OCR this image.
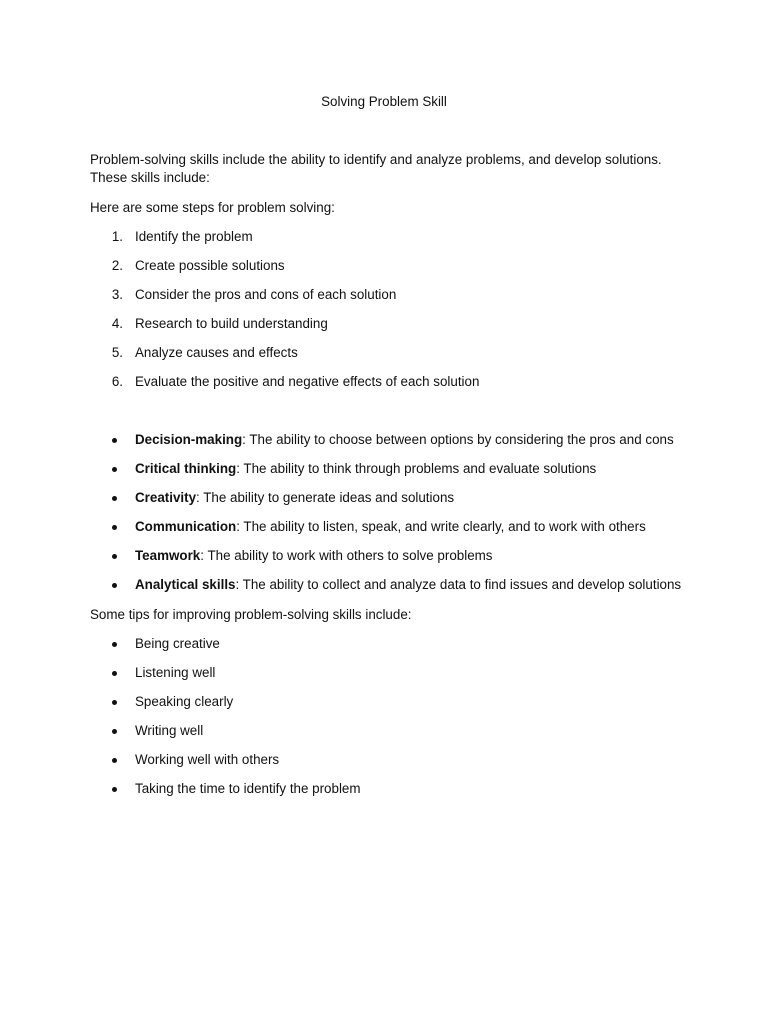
Solving Problem Skill

Problem-solving skills include the ability to identify and analyze problems, and develop solutions. These skills include:

Here are some steps for problem solving:

1. Identify the problem
2. Create possible solutions
3. Consider the pros and cons of each solution
4. Research to build understanding
5. Analyze causes and effects
6. Evaluate the positive and negative effects of each solution
Decision-making: The ability to choose between options by considering the pros and cons
Critical thinking: The ability to think through problems and evaluate solutions
Creativity: The ability to generate ideas and solutions
Communication: The ability to listen, speak, and write clearly, and to work with others
Teamwork: The ability to work with others to solve problems
Analytical skills: The ability to collect and analyze data to find issues and develop solutions

Some tips for improving problem-solving skills include:

Being creative
Listening well
Speaking clearly
Writing well
Working well with others
Taking the time to identify the problem
